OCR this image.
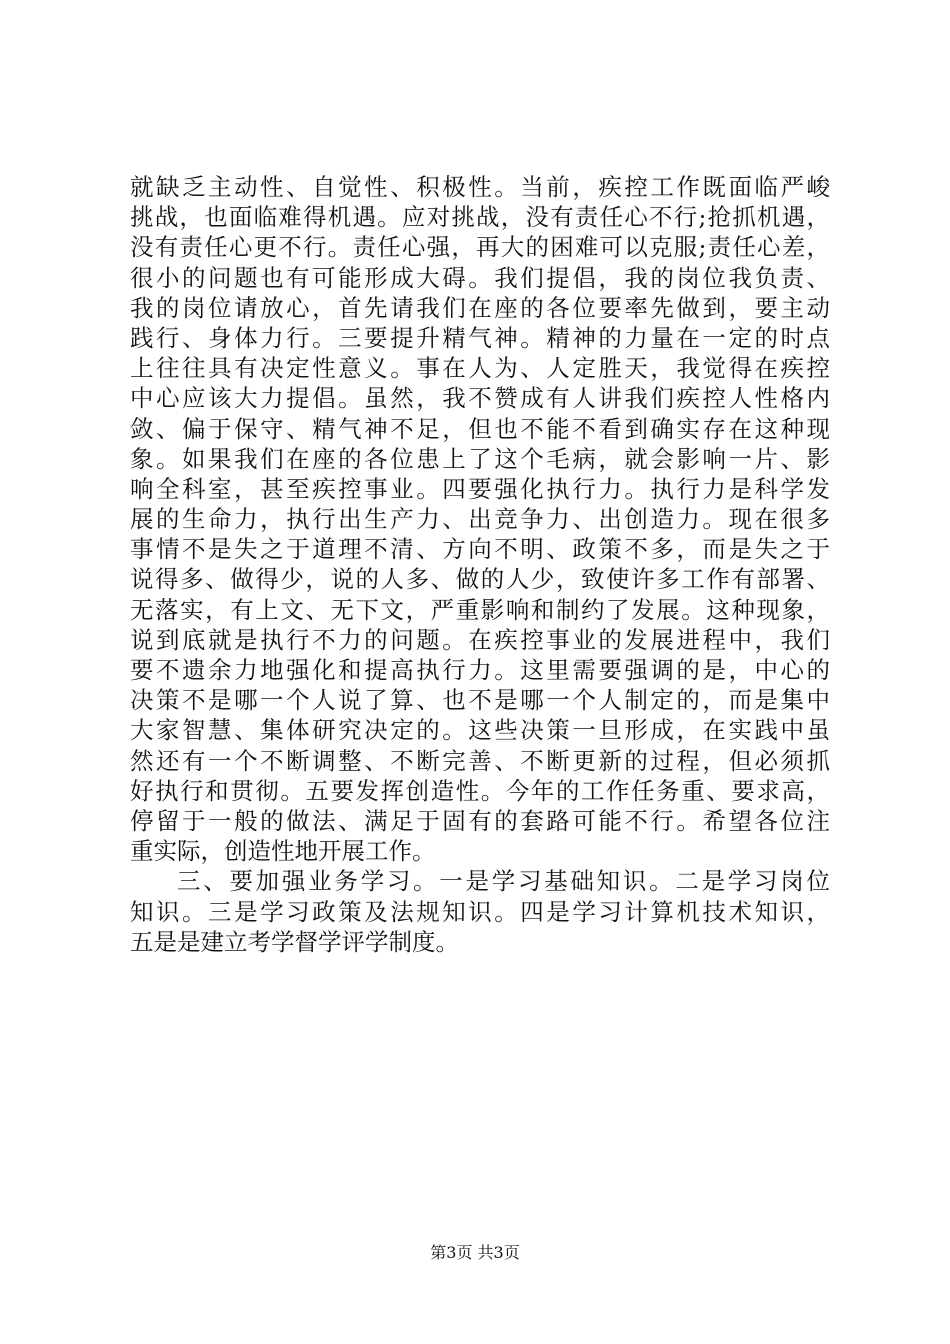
就缺乏主动性、自觉性、积极性。当前，疾控工作既面临严峻
挑战，也面临难得机遇。应对挑战，没有责任心不行;抢抓机遇，
没有责任心更不行。责任心强，再大的困难可以克服;责任心差，
很小的问题也有可能形成大碍。我们提倡，我的岗位我负责、
我的岗位请放心，首先请我们在座的各位要率先做到，要主动
践行、身体力行。三要提升精气神。精神的力量在一定的时点
上往往具有决定性意义。事在人为、人定胜天，我觉得在疾控
中心应该大力提倡。虽然，我不赞成有人讲我们疾控人性格内
敛、偏于保守、精气神不足，但也不能不看到确实存在这种现
象。如果我们在座的各位患上了这个毛病，就会影响一片、影
响全科室，甚至疾控事业。四要强化执行力。执行力是科学发
展的生命力，执行出生产力、出竞争力、出创造力。现在很多
事情不是失之于道理不清、方向不明、政策不多，而是失之于
说得多、做得少，说的人多、做的人少，致使许多工作有部署、
无落实，有上文、无下文，严重影响和制约了发展。这种现象，
说到底就是执行不力的问题。在疾控事业的发展进程中，我们
要不遗余力地强化和提高执行力。这里需要强调的是，中心的
决策不是哪一个人说了算、也不是哪一个人制定的，而是集中
大家智慧、集体研究决定的。这些决策一旦形成，在实践中虽
然还有一个不断调整、不断完善、不断更新的过程，但必须抓
好执行和贯彻。五要发挥创造性。今年的工作任务重、要求高，
停留于一般的做法、满足于固有的套路可能不行。希望各位注
重实际，创造性地开展工作。
三、要加强业务学习。一是学习基础知识。二是学习岗位
知识。三是学习政策及法规知识。四是学习计算机技术知识，
五是是建立考学督学评学制度。
第3页 共3页
